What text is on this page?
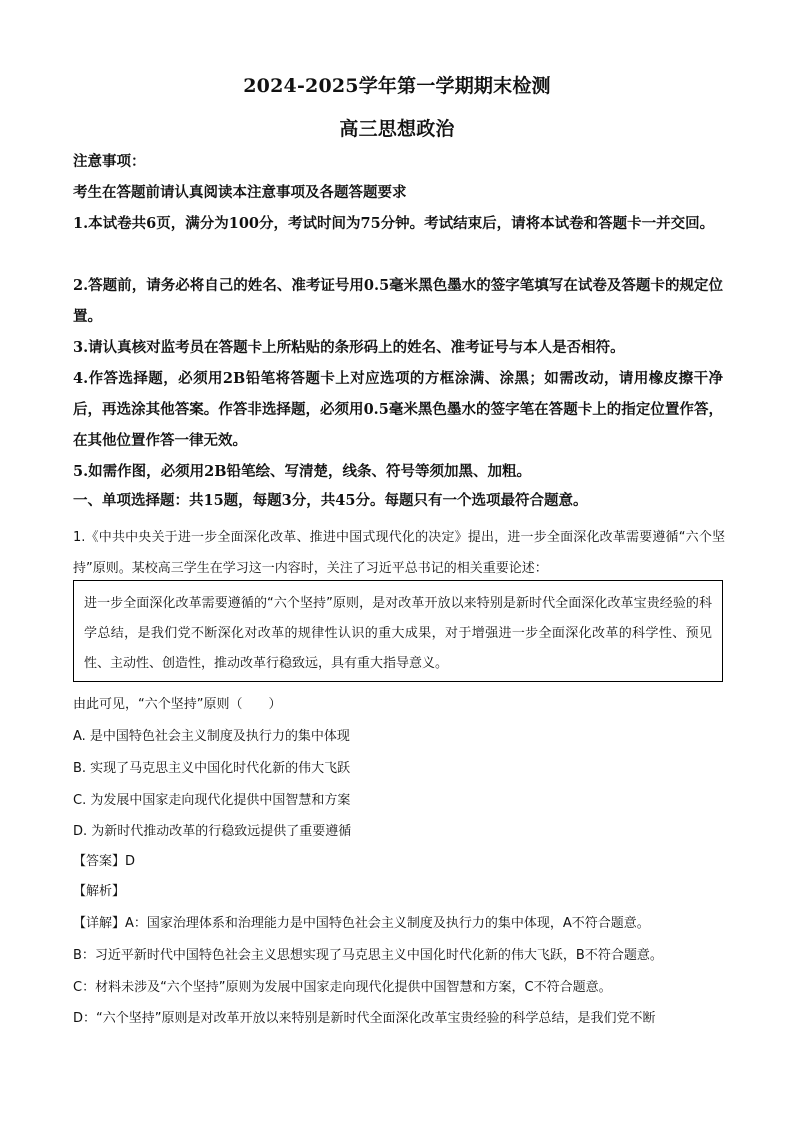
2024-2025学年第一学期期末检测
高三思想政治
注意事项：
考生在答题前请认真阅读本注意事项及各题答题要求
1.本试卷共6页，满分为100分，考试时间为75分钟。考试结束后，请将本试卷和答题卡一并交回。
2.答题前，请务必将自己的姓名、准考证号用0.5毫米黑色墨水的签字笔填写在试卷及答题卡的规定位置。
3.请认真核对监考员在答题卡上所粘贴的条形码上的姓名、准考证号与本人是否相符。
4.作答选择题，必须用2B铅笔将答题卡上对应选项的方框涂满、涂黑；如需改动，请用橡皮擦干净后，再选涂其他答案。作答非选择题，必须用0.5毫米黑色墨水的签字笔在答题卡上的指定位置作答，在其他位置作答一律无效。
5.如需作图，必须用2B铅笔绘、写清楚，线条、符号等须加黑、加粗。
一、单项选择题：共15题，每题3分，共45分。每题只有一个选项最符合题意。
1.《中共中央关于进一步全面深化改革、推进中国式现代化的决定》提出，进一步全面深化改革需要遵循“六个坚持”原则。某校高三学生在学习这一内容时，关注了习近平总书记的相关重要论述：
进一步全面深化改革需要遵循的“六个坚持”原则，是对改革开放以来特别是新时代全面深化改革宝贵经验的科学总结，是我们党不断深化对改革的规律性认识的重大成果，对于增强进一步全面深化改革的科学性、预见性、主动性、创造性，推动改革行稳致远，具有重大指导意义。
由此可见，“六个坚持”原则（　　）
A. 是中国特色社会主义制度及执行力的集中体现
B. 实现了马克思主义中国化时代化新的伟大飞跃
C. 为发展中国家走向现代化提供中国智慧和方案
D. 为新时代推动改革的行稳致远提供了重要遵循
【答案】D
【解析】
【详解】A：国家治理体系和治理能力是中国特色社会主义制度及执行力的集中体现，A不符合题意。
B：习近平新时代中国特色社会主义思想实现了马克思主义中国化时代化新的伟大飞跃，B不符合题意。
C：材料未涉及“六个坚持”原则为发展中国家走向现代化提供中国智慧和方案，C不符合题意。
D：“六个坚持”原则是对改革开放以来特别是新时代全面深化改革宝贵经验的科学总结，是我们党不断
